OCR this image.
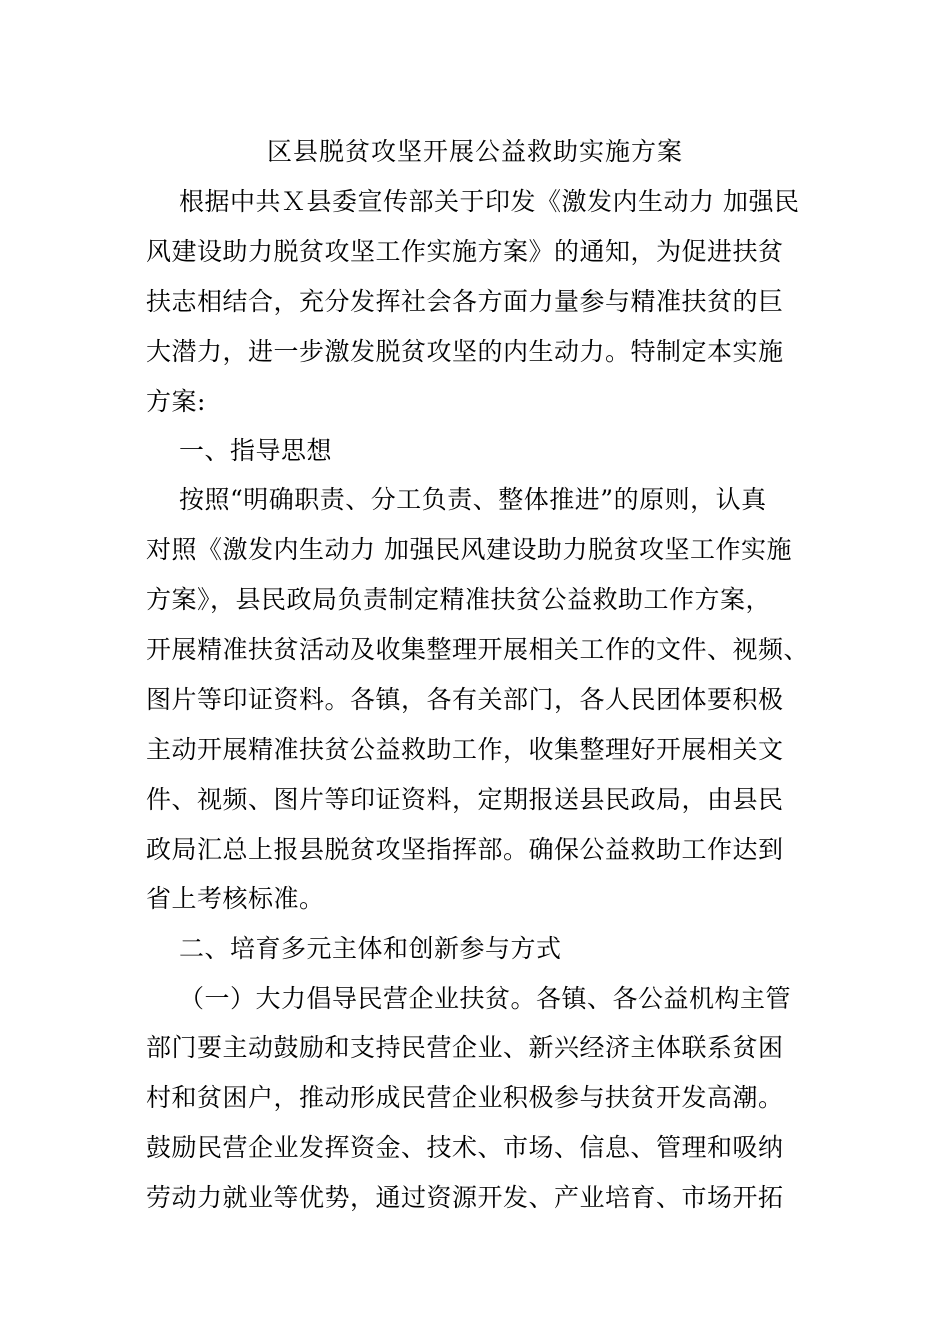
区县脱贫攻坚开展公益救助实施方案
根据中共Ｘ县委宣传部关于印发《激发内生动力 加强民
风建设助力脱贫攻坚工作实施方案》的通知，为促进扶贫
扶志相结合，充分发挥社会各方面力量参与精准扶贫的巨
大潜力，进一步激发脱贫攻坚的内生动力。特制定本实施
方案:
一、指导思想
按照“明确职责、分工负责、整体推进”的原则，认真
对照《激发内生动力 加强民风建设助力脱贫攻坚工作实施
方案》，县民政局负责制定精准扶贫公益救助工作方案，
开展精准扶贫活动及收集整理开展相关工作的文件、视频、
图片等印证资料。各镇，各有关部门，各人民团体要积极
主动开展精准扶贫公益救助工作，收集整理好开展相关文
件、视频、图片等印证资料，定期报送县民政局，由县民
政局汇总上报县脱贫攻坚指挥部。确保公益救助工作达到
省上考核标准。
二、培育多元主体和创新参与方式
（一）大力倡导民营企业扶贫。各镇、各公益机构主管
部门要主动鼓励和支持民营企业、新兴经济主体联系贫困
村和贫困户，推动形成民营企业积极参与扶贫开发高潮。
鼓励民营企业发挥资金、技术、市场、信息、管理和吸纳
劳动力就业等优势，通过资源开发、产业培育、市场开拓
